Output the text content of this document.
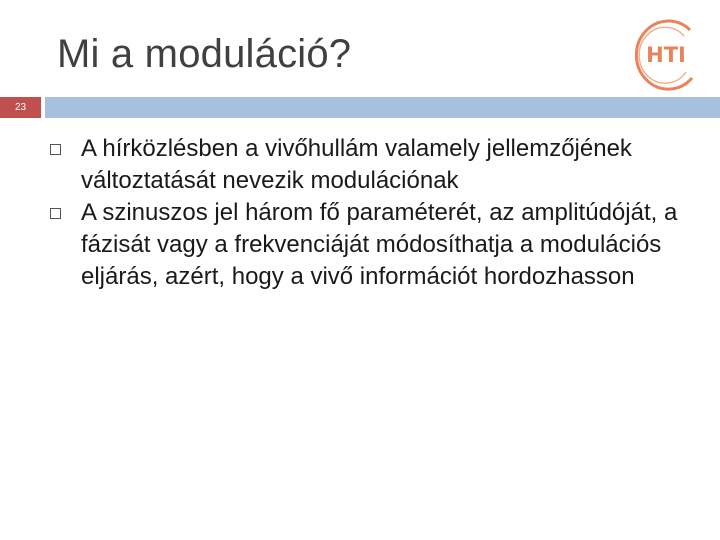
Mi a moduláció?	HTI
23
A hírközlésben a vivőhullám valamely jellemzőjének változtatását nevezik modulációnak
A szinuszos jel három fő paraméterét, az amplitúdóját, a fázisát vagy a frekvenciáját módosíthatja a modulációs eljárás, azért, hogy a vivő információt hordozhasson
